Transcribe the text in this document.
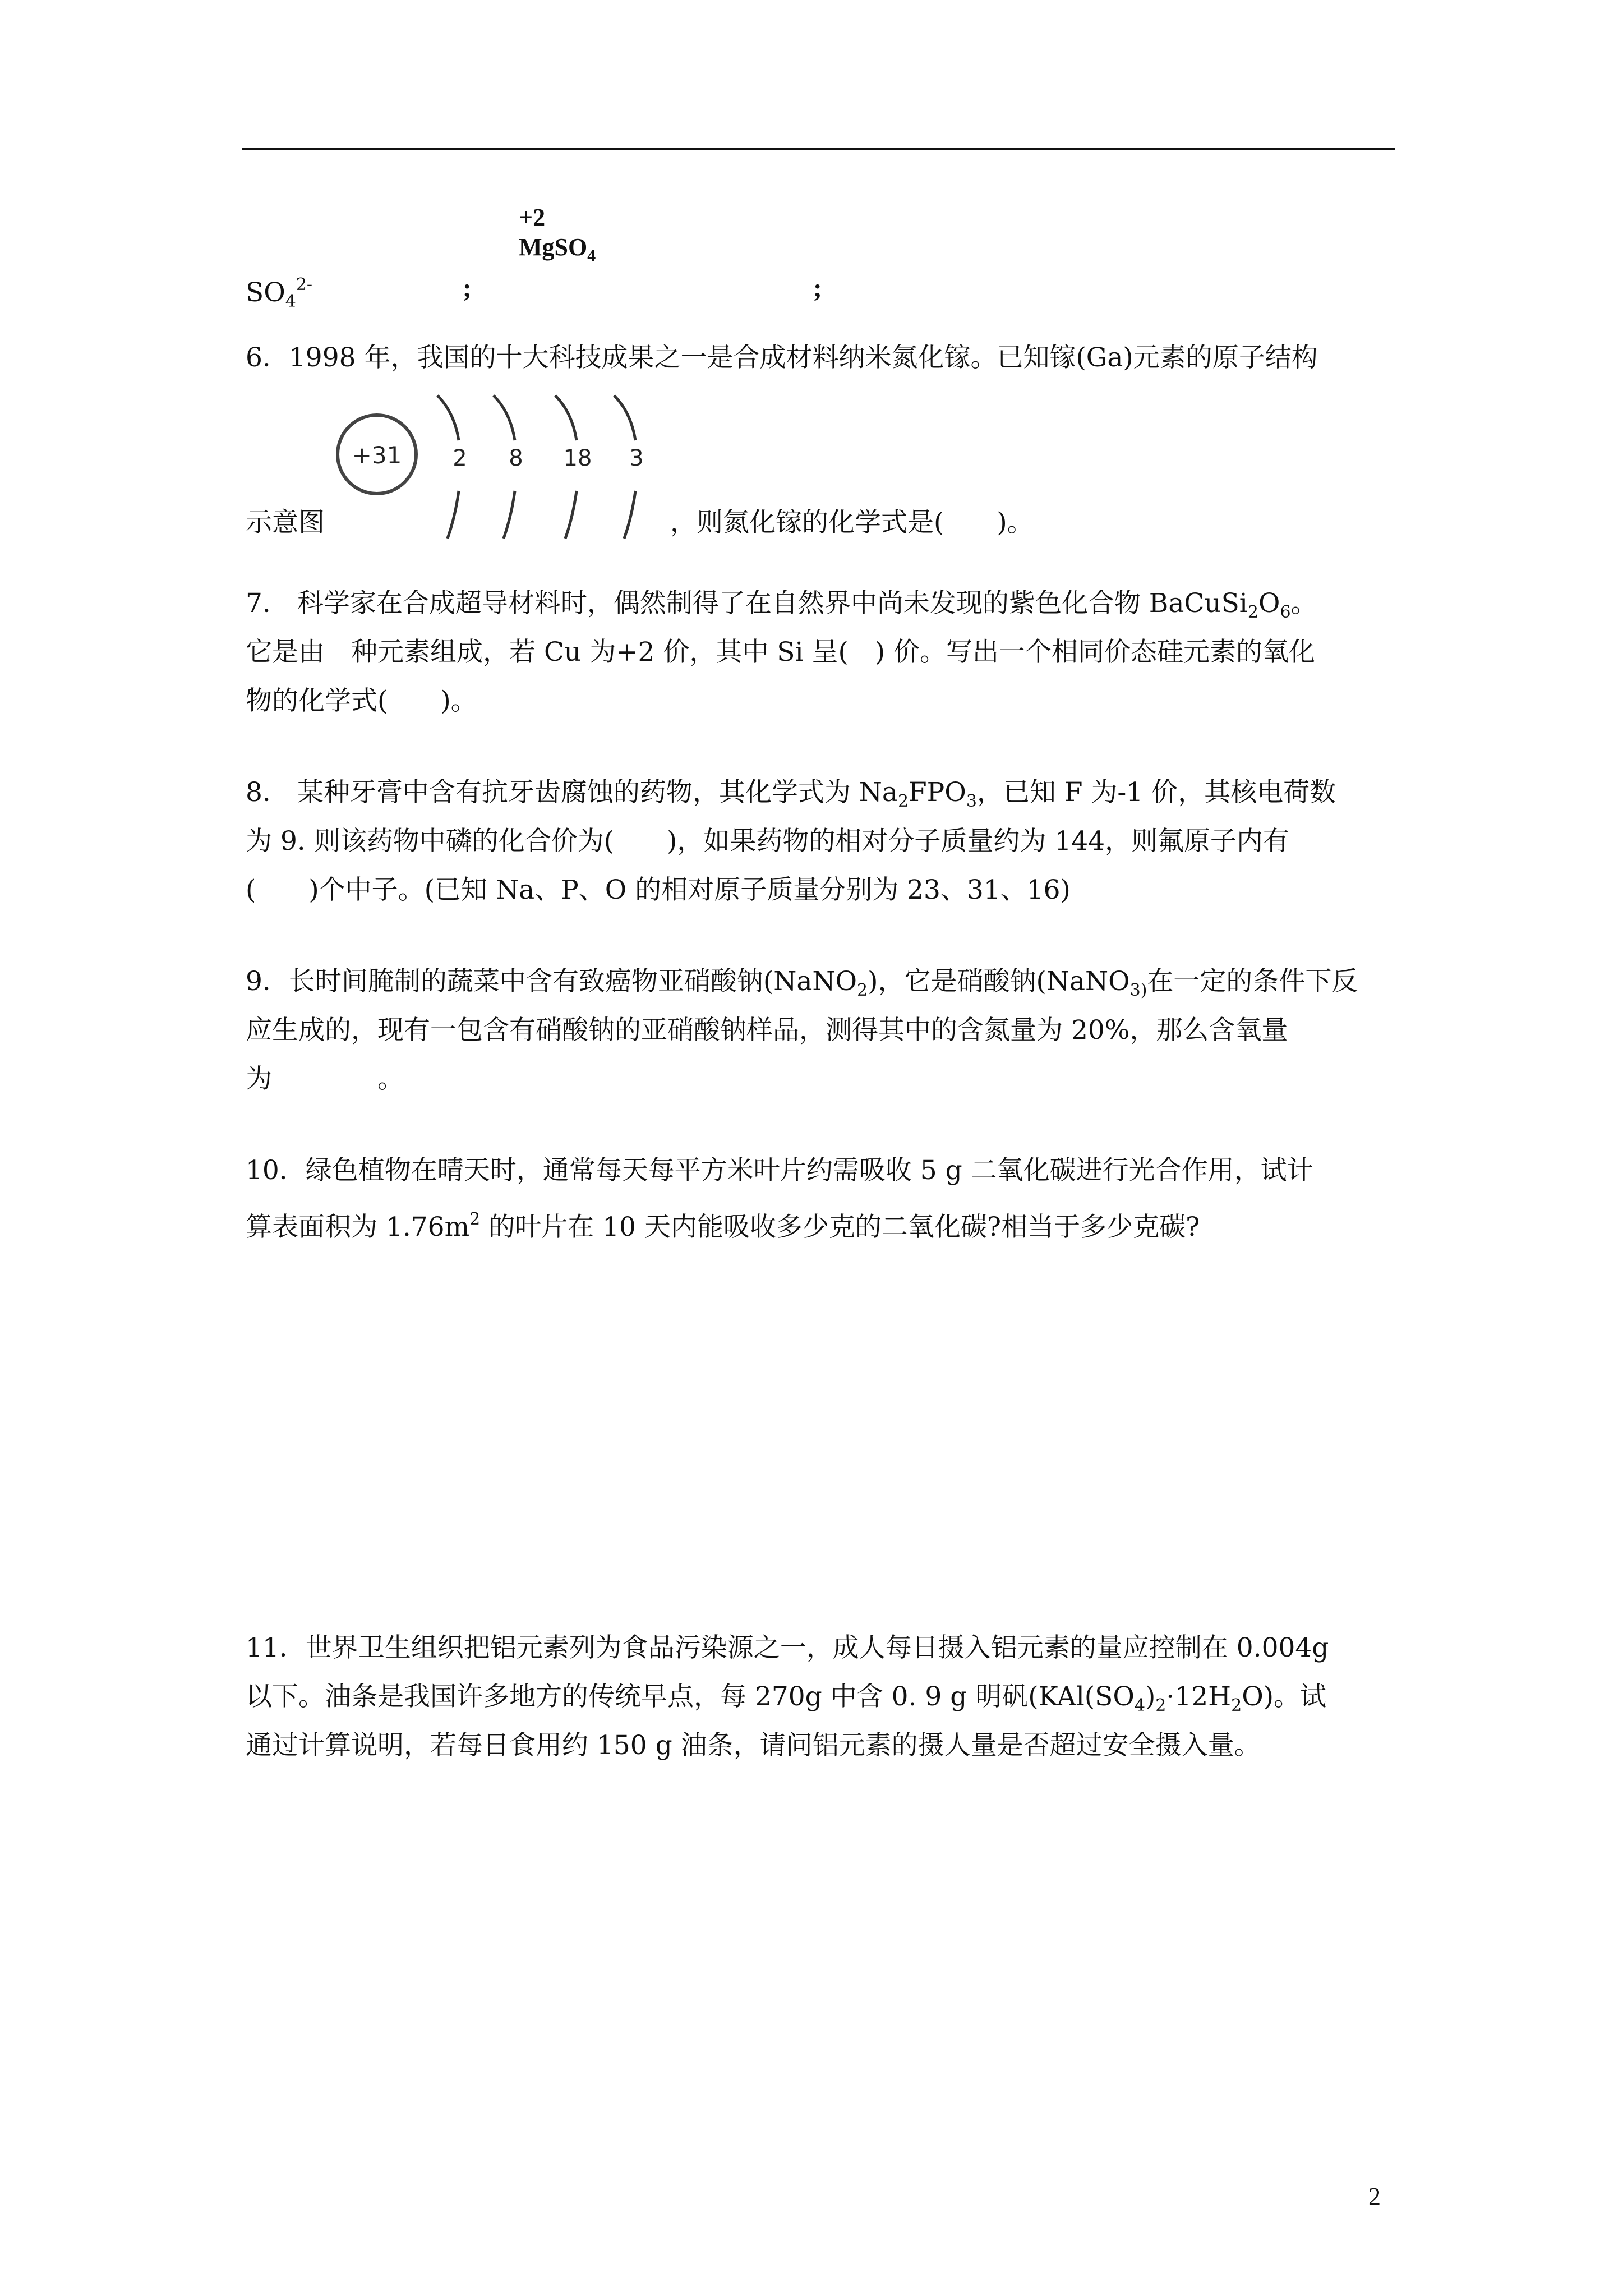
+2
MgSO$_4$
$SO_4^{2-}$	;	;
6．1998 年，我国的十大科技成果之一是合成材料纳米氮化镓。已知镓(Ga)元素的原子结构
+31 2 8 18 3
示意图	，则氮化镓的化学式是(　　)。
7． 科学家在合成超导材料时，偶然制得了在自然界中尚未发现的紫色化合物 $BaCuSi_2O_6$。
它是由　种元素组成，若 Cu 为+2 价，其中 Si 呈(　) 价。写出一个相同价态硅元素的氧化
物的化学式(　　)。
8． 某种牙膏中含有抗牙齿腐蚀的药物，其化学式为 $Na_2FPO_3$，已知 F 为-1 价，其核电荷数
为 9. 则该药物中磷的化合价为(　　)，如果药物的相对分子质量约为 144，则氟原子内有
(　　)个中子。(已知 Na、P、O 的相对原子质量分别为 23、31、16)
9．长时间腌制的蔬菜中含有致癌物亚硝酸钠(NaNO$_2$)，它是硝酸钠(NaNO$_{3)}$在一定的条件下反
应生成的，现有一包含有硝酸钠的亚硝酸钠样品，测得其中的含氮量为 20%，那么含氧量
为　　　　。
10．绿色植物在晴天时，通常每天每平方米叶片约需吸收 5 g 二氧化碳进行光合作用，试计
算表面积为 $1.76m^2$ 的叶片在 10 天内能吸收多少克的二氧化碳?相当于多少克碳?
11．世界卫生组织把铝元素列为食品污染源之一，成人每日摄入铝元素的量应控制在 0.004g
以下。油条是我国许多地方的传统早点，每 270g 中含 0. 9 g 明矾$(KAl(SO_4)_2\cdot 12H_2O)$。试
通过计算说明，若每日食用约 150 g 油条，请问铝元素的摄人量是否超过安全摄入量。
2
